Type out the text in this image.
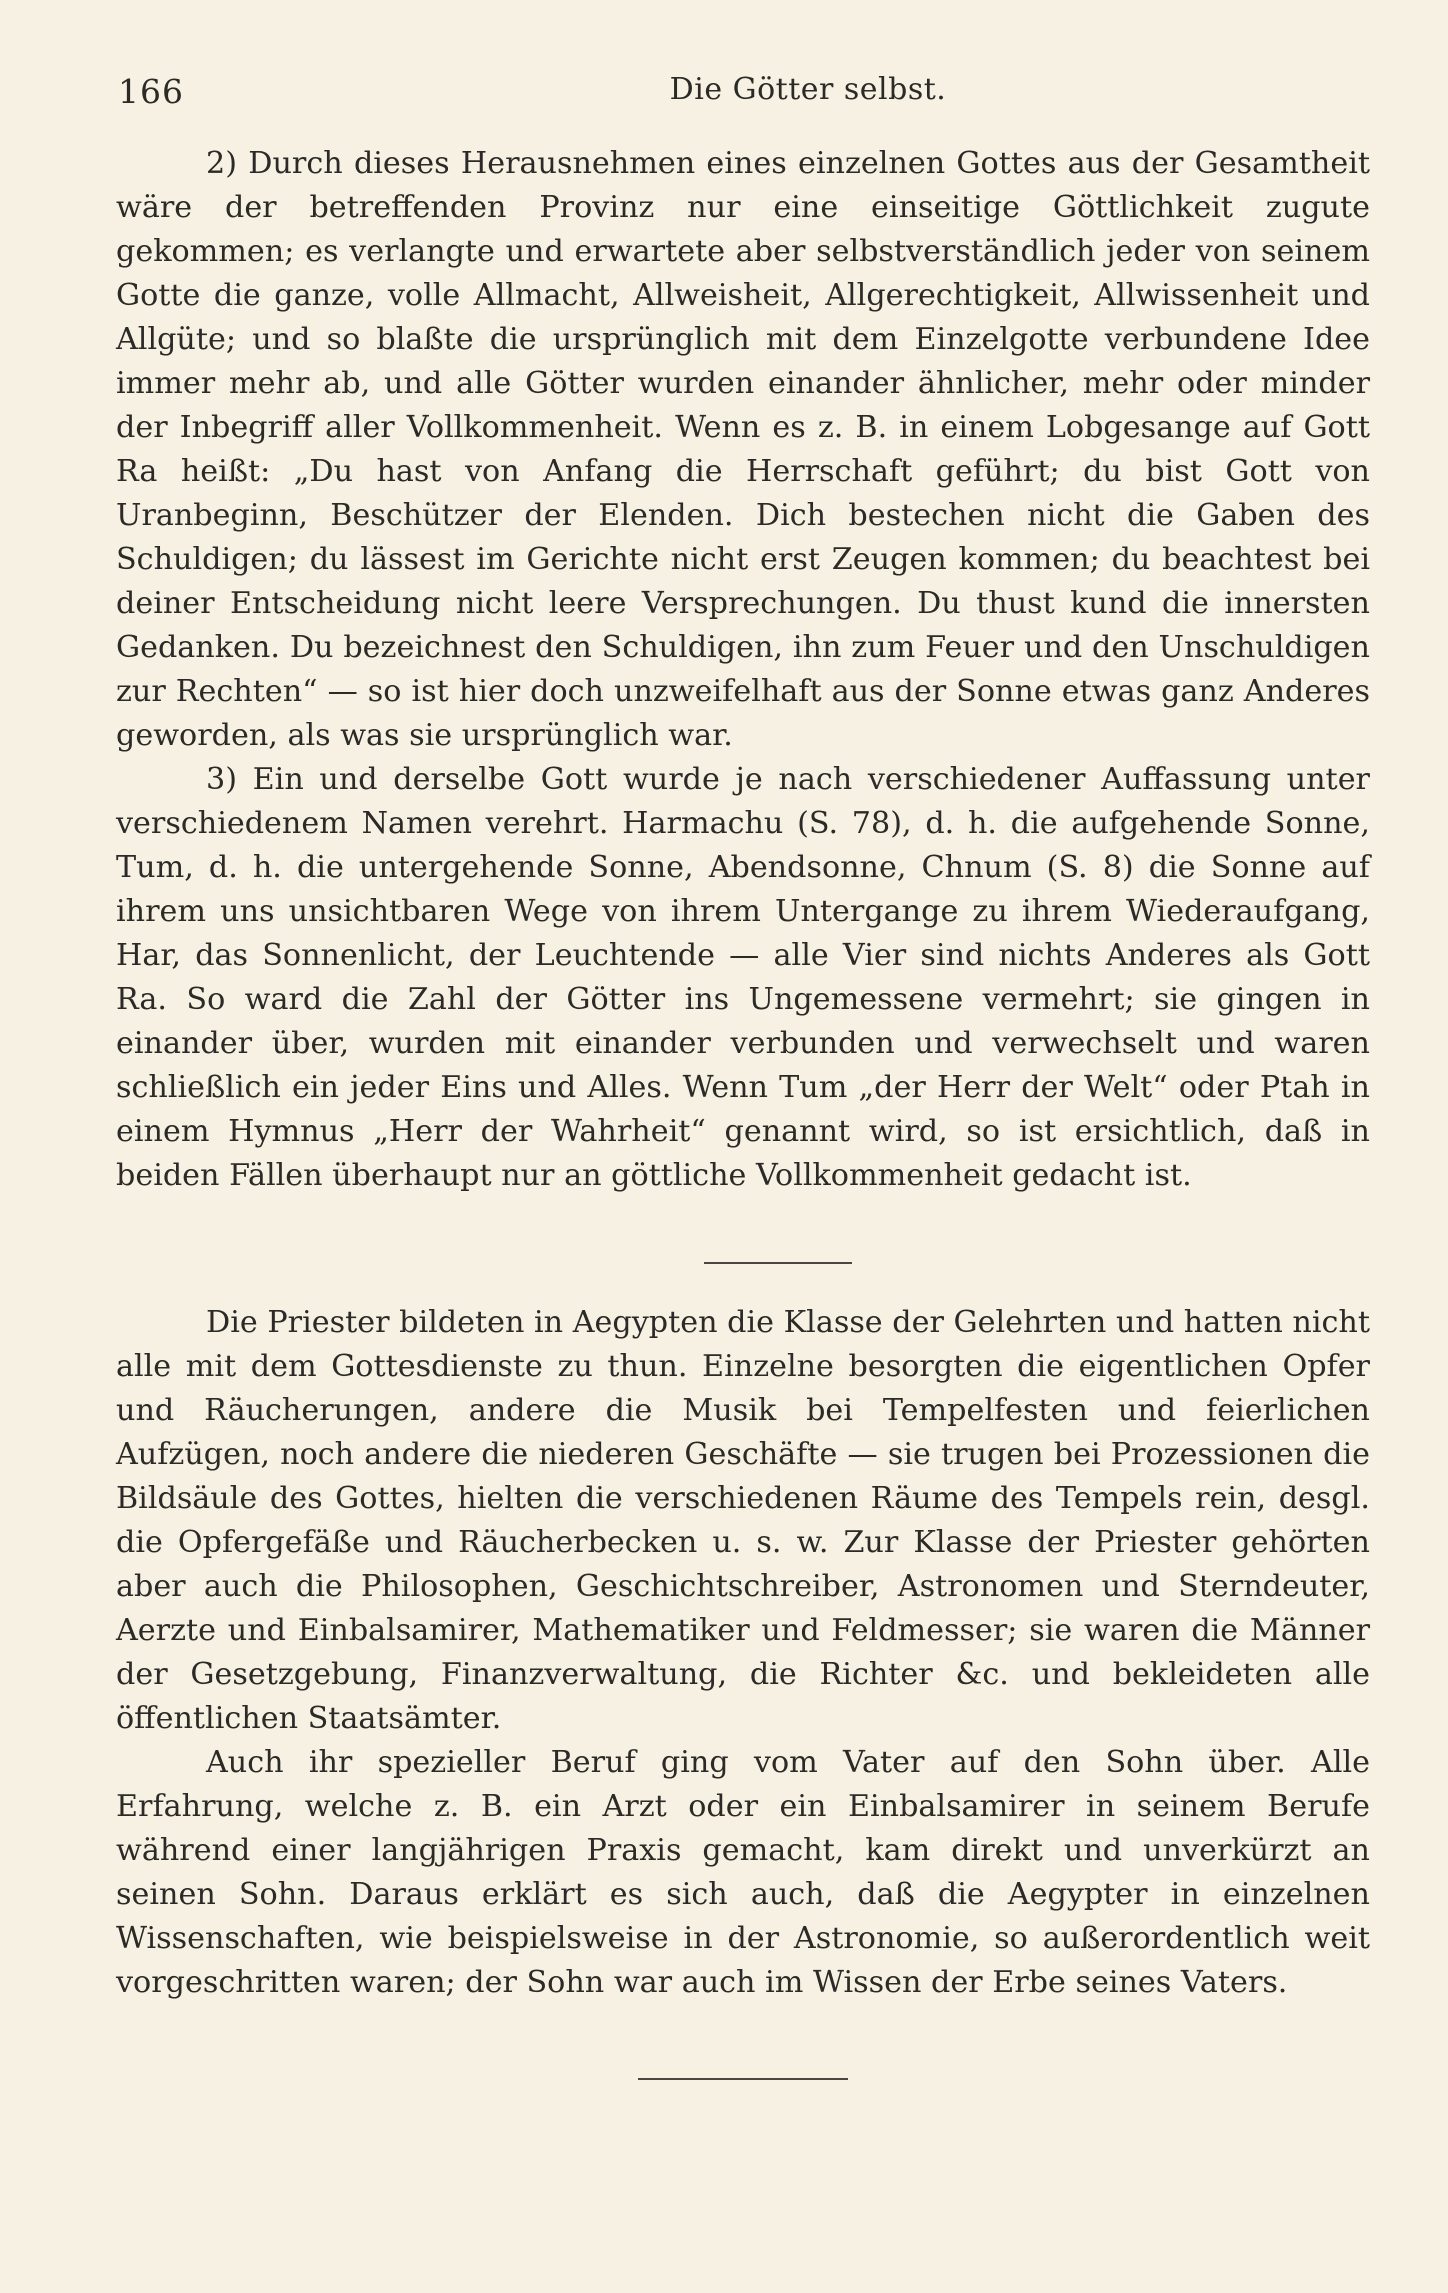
166	Die Götter selbst.

2) Durch dieses Herausnehmen eines einzelnen Gottes aus der Gesamtheit wäre der betreffenden Provinz nur eine einseitige Göttlichkeit zugute gekommen; es verlangte und erwartete aber selbstverständlich jeder von seinem Gotte die ganze, volle Allmacht, Allweisheit, Allgerechtigkeit, Allwissenheit und Allgüte; und so blaßte die ursprünglich mit dem Einzelgotte verbundene Idee immer mehr ab, und alle Götter wurden einander ähnlicher, mehr oder minder der Inbegriff aller Vollkommenheit. Wenn es z. B. in einem Lobgesange auf Gott Ra heißt: „Du hast von Anfang die Herrschaft geführt; du bist Gott von Uranbeginn, Beschützer der Elenden. Dich bestechen nicht die Gaben des Schuldigen; du lässest im Gerichte nicht erst Zeugen kommen; du beachtest bei deiner Entscheidung nicht leere Versprechungen. Du thust kund die innersten Gedanken. Du bezeichnest den Schuldigen, ihn zum Feuer und den Unschuldigen zur Rechten“ — so ist hier doch unzweifelhaft aus der Sonne etwas ganz Anderes geworden, als was sie ursprünglich war.

3) Ein und derselbe Gott wurde je nach verschiedener Auffassung unter verschiedenem Namen verehrt. Harmachu (S. 78), d. h. die aufgehende Sonne, Tum, d. h. die untergehende Sonne, Abendsonne, Chnum (S. 8) die Sonne auf ihrem uns unsichtbaren Wege von ihrem Untergange zu ihrem Wiederaufgang, Har, das Sonnenlicht, der Leuchtende — alle Vier sind nichts Anderes als Gott Ra. So ward die Zahl der Götter ins Ungemessene vermehrt; sie gingen in einander über, wurden mit einander verbunden und verwechselt und waren schließlich ein jeder Eins und Alles. Wenn Tum „der Herr der Welt“ oder Ptah in einem Hymnus „Herr der Wahrheit“ genannt wird, so ist ersichtlich, daß in beiden Fällen überhaupt nur an göttliche Vollkommenheit gedacht ist.

Die Priester bildeten in Aegypten die Klasse der Gelehrten und hatten nicht alle mit dem Gottesdienste zu thun. Einzelne besorgten die eigentlichen Opfer und Räucherungen, andere die Musik bei Tempelfesten und feierlichen Aufzügen, noch andere die niederen Geschäfte — sie trugen bei Prozessionen die Bildsäule des Gottes, hielten die verschiedenen Räume des Tempels rein, desgl. die Opfergefäße und Räucherbecken u. s. w. Zur Klasse der Priester gehörten aber auch die Philosophen, Geschichtschreiber, Astronomen und Sterndeuter, Aerzte und Einbalsamirer, Mathematiker und Feldmesser; sie waren die Männer der Gesetzgebung, Finanzverwaltung, die Richter &c. und bekleideten alle öffentlichen Staatsämter.

Auch ihr spezieller Beruf ging vom Vater auf den Sohn über. Alle Erfahrung, welche z. B. ein Arzt oder ein Einbalsamirer in seinem Berufe während einer langjährigen Praxis gemacht, kam direkt und unverkürzt an seinen Sohn. Daraus erklärt es sich auch, daß die Aegypter in einzelnen Wissenschaften, wie beispielsweise in der Astronomie, so außerordentlich weit vorgeschritten waren; der Sohn war auch im Wissen der Erbe seines Vaters.
